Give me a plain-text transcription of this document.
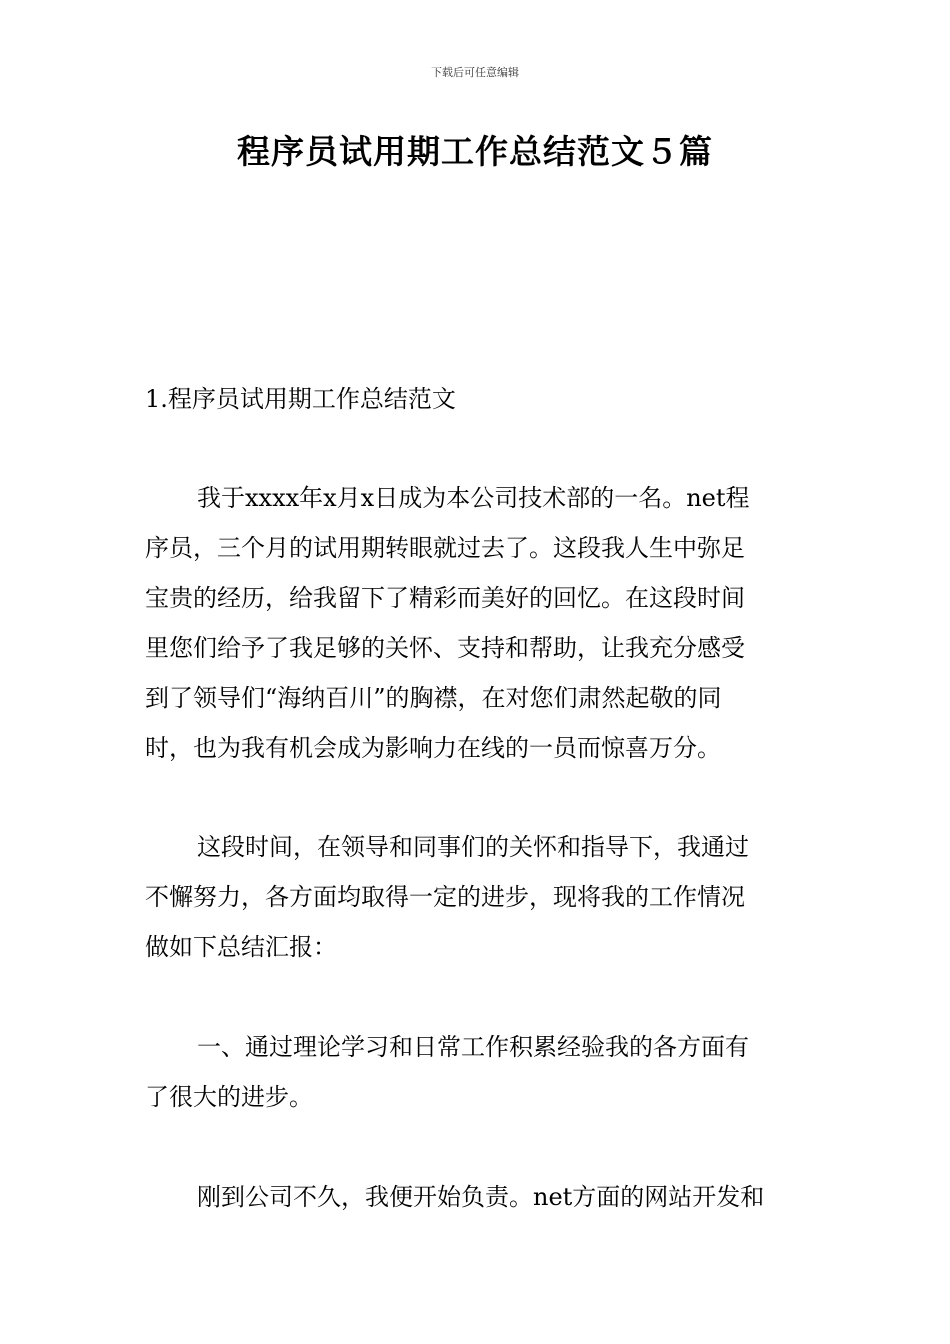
下载后可任意编辑
程序员试用期工作总结范文５篇
1.程序员试用期工作总结范文
我于xxxx年x月x日成为本公司技术部的一名。net程
序员，三个月的试用期转眼就过去了。这段我人生中弥足
宝贵的经历，给我留下了精彩而美好的回忆。在这段时间
里您们给予了我足够的关怀、支持和帮助，让我充分感受
到了领导们“海纳百川”的胸襟，在对您们肃然起敬的同
时，也为我有机会成为影响力在线的一员而惊喜万分。
这段时间，在领导和同事们的关怀和指导下，我通过
不懈努力，各方面均取得一定的进步，现将我的工作情况
做如下总结汇报：
一、通过理论学习和日常工作积累经验我的各方面有
了很大的进步。
刚到公司不久，我便开始负责。net方面的网站开发和
